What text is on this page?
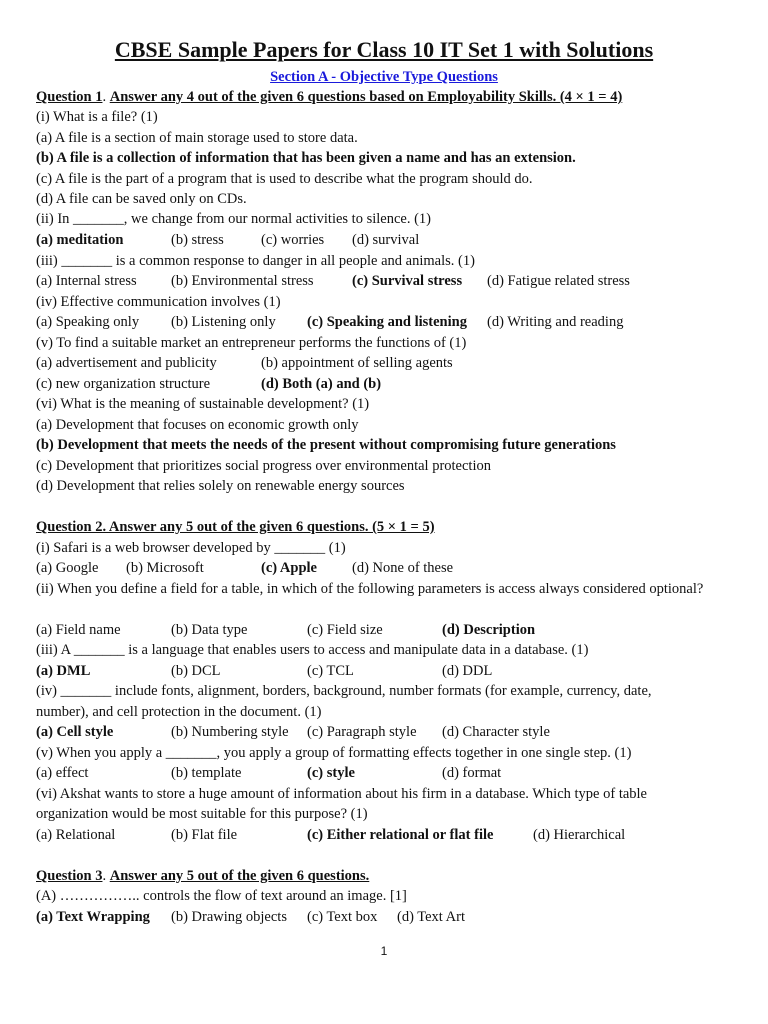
CBSE Sample Papers for Class 10 IT Set 1 with Solutions
Section A - Objective Type Questions
Question 1. Answer any 4 out of the given 6 questions based on Employability Skills. (4 × 1 = 4)
(i) What is a file? (1)
(a) A file is a section of main storage used to store data.
(b) A file is a collection of information that has been given a name and has an extension.
(c) A file is the part of a program that is used to describe what the program should do.
(d) A file can be saved only on CDs.
(ii) In _______, we change from our normal activities to silence. (1)
(a) meditation	(b) stress	(c) worries (d) survival
(iii) _______ is a common response to danger in all people and animals. (1)
(a) Internal stress (b) Environmental stress	(c) Survival stress (d) Fatigue related stress
(iv) Effective communication involves (1)
(a) Speaking only (b) Listening only (c) Speaking and listening (d) Writing and reading
(v) To find a suitable market an entrepreneur performs the functions of (1)
(a) advertisement and publicity	(b) appointment of selling agents
(c) new organization structure	(d) Both (a) and (b)
(vi) What is the meaning of sustainable development? (1)
(a) Development that focuses on economic growth only
(b) Development that meets the needs of the present without compromising future generations
(c) Development that prioritizes social progress over environmental protection
(d) Development that relies solely on renewable energy sources
Question 2. Answer any 5 out of the given 6 questions. (5 × 1 = 5)
(i) Safari is a web browser developed by _______ (1)
(a) Google (b) Microsoft	(c) Apple (d) None of these
(ii) When you define a field for a table, in which of the following parameters is access always considered optional?
(a) Field name	(b) Data type	(c) Field size	(d) Description
(iii) A _______ is a language that enables users to access and manipulate data in a database. (1)
(a) DML	(b) DCL	(c) TCL	(d) DDL
(iv) _______ include fonts, alignment, borders, background, number formats (for example, currency, date,
number), and cell protection in the document. (1)
(a) Cell style	(b) Numbering style (c) Paragraph style (d) Character style
(v) When you apply a _______, you apply a group of formatting effects together in one single step. (1)
(a) effect	(b) template	(c) style	(d) format
(vi) Akshat wants to store a huge amount of information about his firm in a database. Which type of table
organization would be most suitable for this purpose? (1)
(a) Relational	(b) Flat file	(c) Either relational or flat file	(d) Hierarchical
Question 3. Answer any 5 out of the given 6 questions.
(A) …………….. controls the flow of text around an image. [1]
(a) Text Wrapping (b) Drawing objects (c) Text box (d) Text Art
1
